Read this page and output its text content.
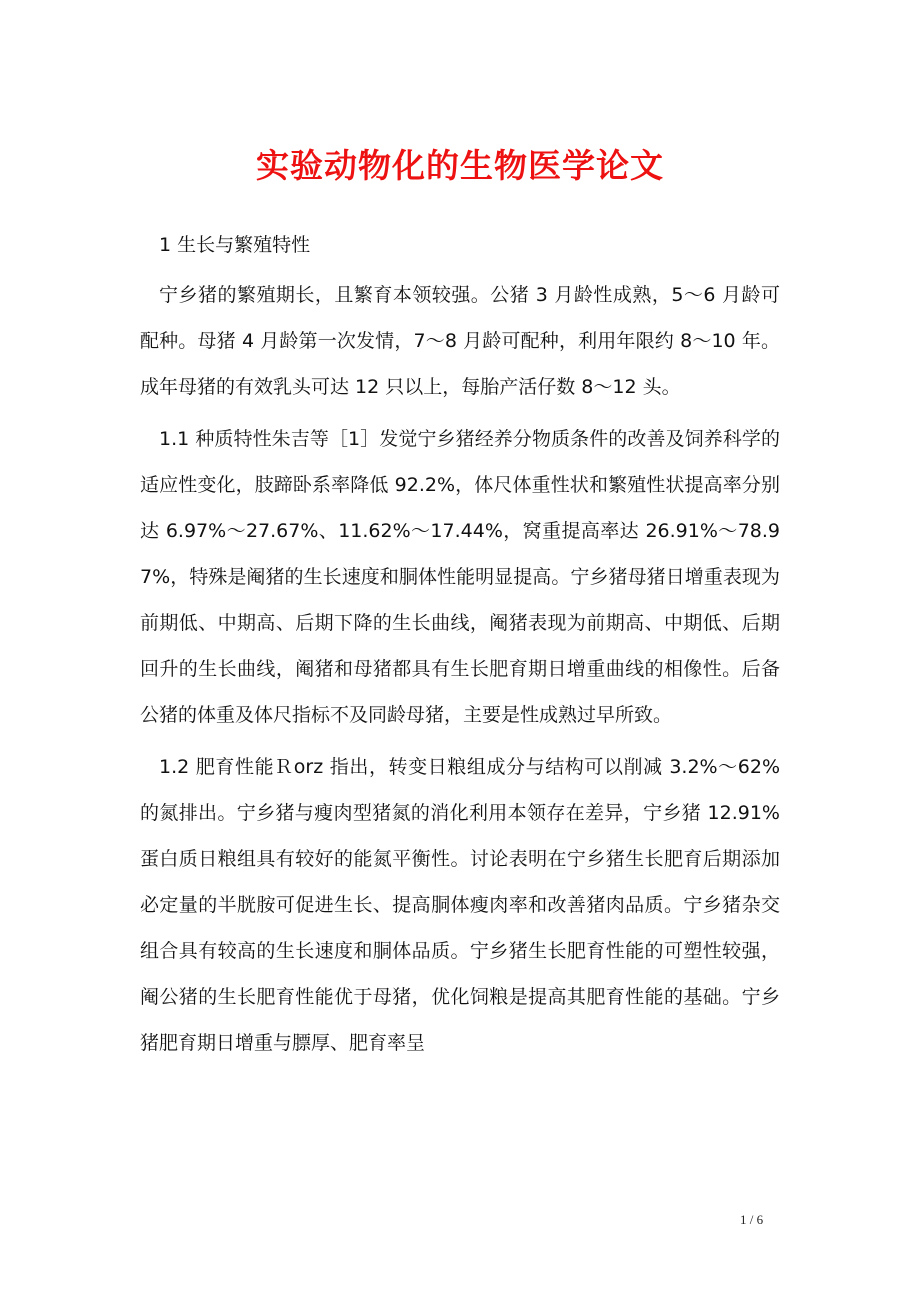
实验动物化的生物医学论文

1 生长与繁殖特性

宁乡猪的繁殖期长，且繁育本领较强。公猪 3 月龄性成熟，5～6 月龄可配种。母猪 4 月龄第一次发情，7～8 月龄可配种，利用年限约 8～10 年。成年母猪的有效乳头可达 12 只以上，每胎产活仔数 8～12 头。

1.1 种质特性朱吉等［1］发觉宁乡猪经养分物质条件的改善及饲养科学的适应性变化，肢蹄卧系率降低 92.2%，体尺体重性状和繁殖性状提高率分别达 6.97%～27.67%、11.62%～17.44%，窝重提高率达 26.91%～78.97%，特殊是阉猪的生长速度和胴体性能明显提高。宁乡猪母猪日增重表现为前期低、中期高、后期下降的生长曲线，阉猪表现为前期高、中期低、后期回升的生长曲线，阉猪和母猪都具有生长肥育期日增重曲线的相像性。后备公猪的体重及体尺指标不及同龄母猪，主要是性成熟过早所致。

1.2 肥育性能Ｒorz 指出，转变日粮组成分与结构可以削减 3.2%～62% 的氮排出。宁乡猪与瘦肉型猪氮的消化利用本领存在差异，宁乡猪 12.91%蛋白质日粮组具有较好的能氮平衡性。讨论表明在宁乡猪生长肥育后期添加必定量的半胱胺可促进生长、提高胴体瘦肉率和改善猪肉品质。宁乡猪杂交组合具有较高的生长速度和胴体品质。宁乡猪生长肥育性能的可塑性较强，阉公猪的生长肥育性能优于母猪，优化饲粮是提高其肥育性能的基础。宁乡猪肥育期日增重与膘厚、肥育率呈

1 / 6
